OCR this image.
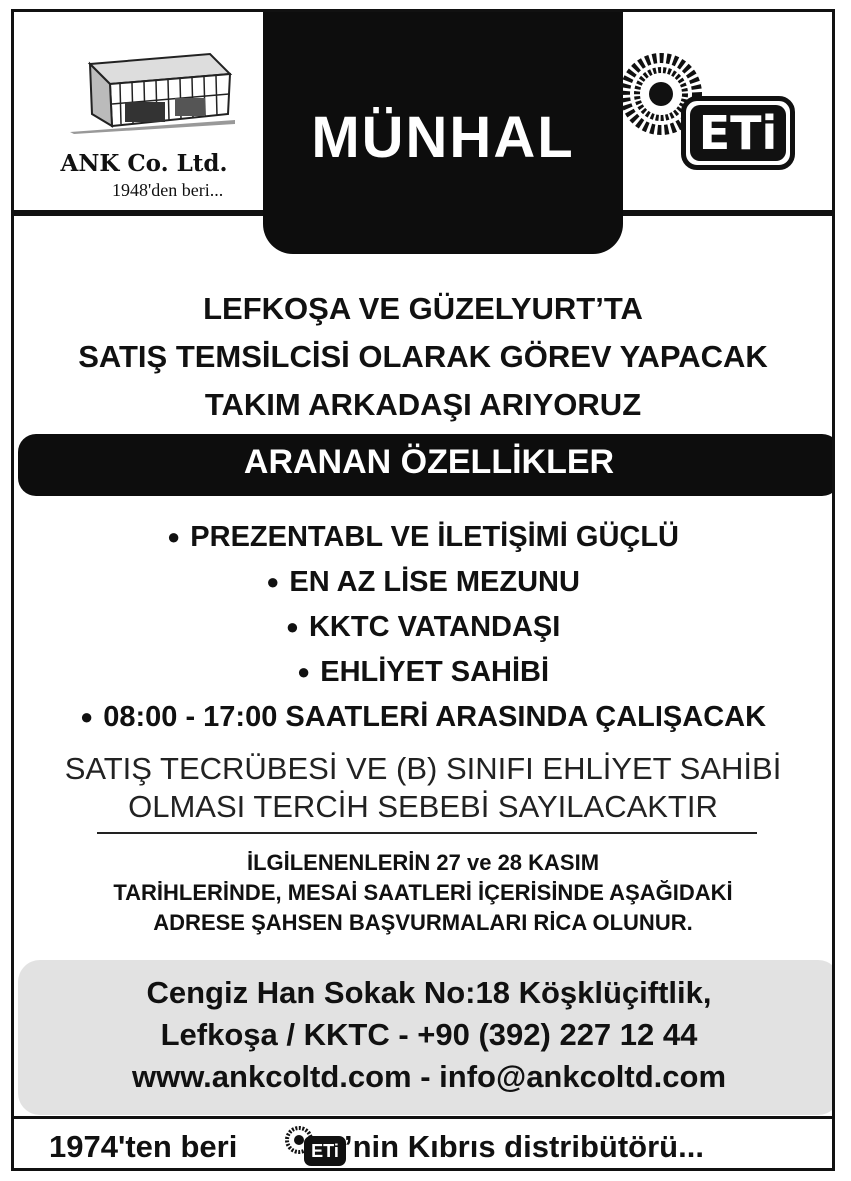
ANK Co. Ltd.
1948'den beri...
MÜNHAL	ETi
LEFKOŞA VE GÜZELYURT’TA
SATIŞ TEMSİLCİSİ OLARAK GÖREV YAPACAK
TAKIM ARKADAŞI ARIYORUZ
ARANAN ÖZELLİKLER
● PREZENTABL VE İLETİŞİMİ GÜÇLÜ
● EN AZ LİSE MEZUNU
● KKTC VATANDAŞI
● EHLİYET SAHİBİ
● 08:00 - 17:00 SAATLERİ ARASINDA ÇALIŞACAK
SATIŞ TECRÜBESİ VE (B) SINIFI EHLİYET SAHİBİ
OLMASI TERCİH SEBEBİ SAYILACAKTIR
İLGİLENENLERİN 27 ve 28 KASIM
TARİHLERİNDE, MESAİ SAATLERİ İÇERİSİNDE AŞAĞIDAKİ
ADRESE ŞAHSEN BAŞVURMALARI RİCA OLUNUR.
Cengiz Han Sokak No:18 Köşklüçiftlik,
Lefkoşa / KKTC - +90 (392) 227 12 44
www.ankcoltd.com - info@ankcoltd.com
1974'ten beri	ETi ’nin Kıbrıs distribütörü...
